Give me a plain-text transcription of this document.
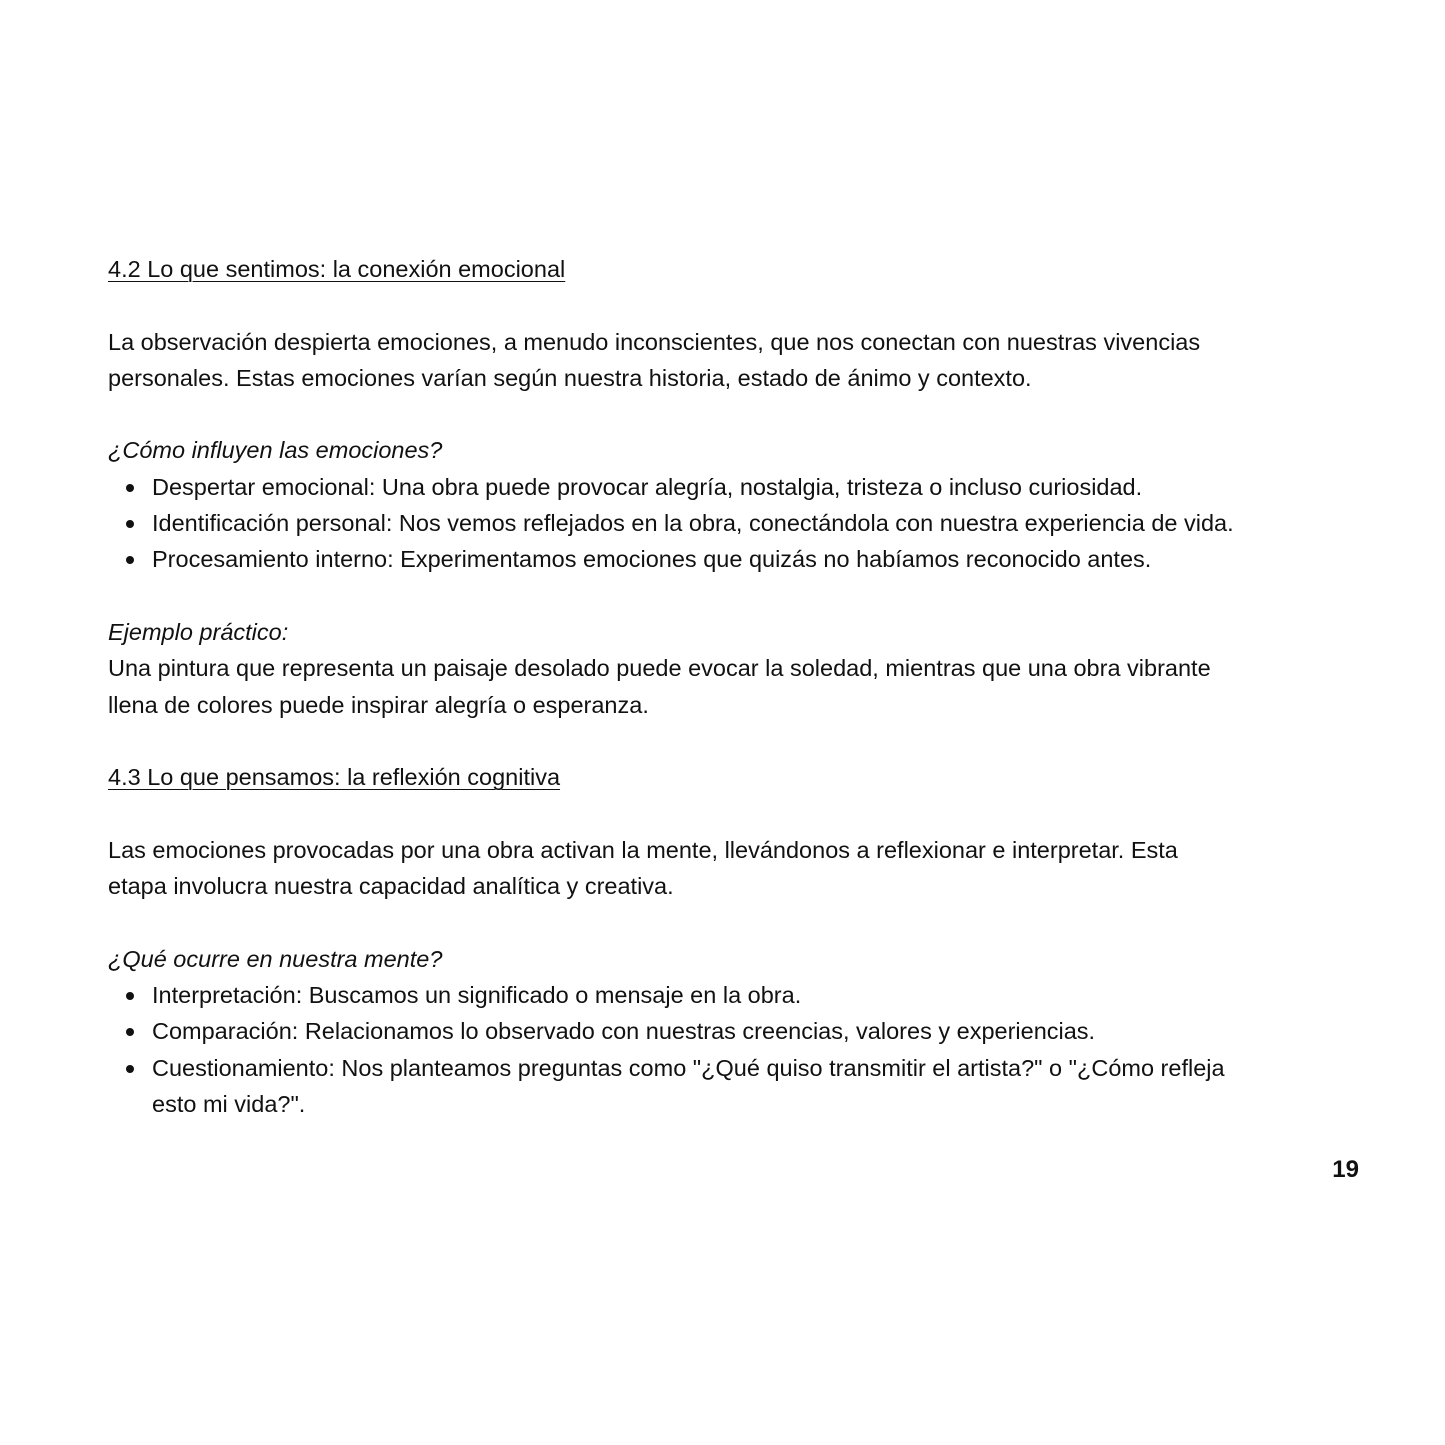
4.2 Lo que sentimos: la conexión emocional

La observación despierta emociones, a menudo inconscientes, que nos conectan con nuestras vivencias

personales. Estas emociones varían según nuestra historia, estado de ánimo y contexto.

¿Cómo influyen las emociones?

Despertar emocional: Una obra puede provocar alegría, nostalgia, tristeza o incluso curiosidad.
Identificación personal: Nos vemos reflejados en la obra, conectándola con nuestra experiencia de vida.
Procesamiento interno: Experimentamos emociones que quizás no habíamos reconocido antes.

Ejemplo práctico:

Una pintura que representa un paisaje desolado puede evocar la soledad, mientras que una obra vibrante

llena de colores puede inspirar alegría o esperanza.

4.3 Lo que pensamos: la reflexión cognitiva

Las emociones provocadas por una obra activan la mente, llevándonos a reflexionar e interpretar. Esta

etapa involucra nuestra capacidad analítica y creativa.

¿Qué ocurre en nuestra mente?

Interpretación: Buscamos un significado o mensaje en la obra.
Comparación: Relacionamos lo observado con nuestras creencias, valores y experiencias.
Cuestionamiento: Nos planteamos preguntas como "¿Qué quiso transmitir el artista?" o "¿Cómo refleja
esto mi vida?".
19
